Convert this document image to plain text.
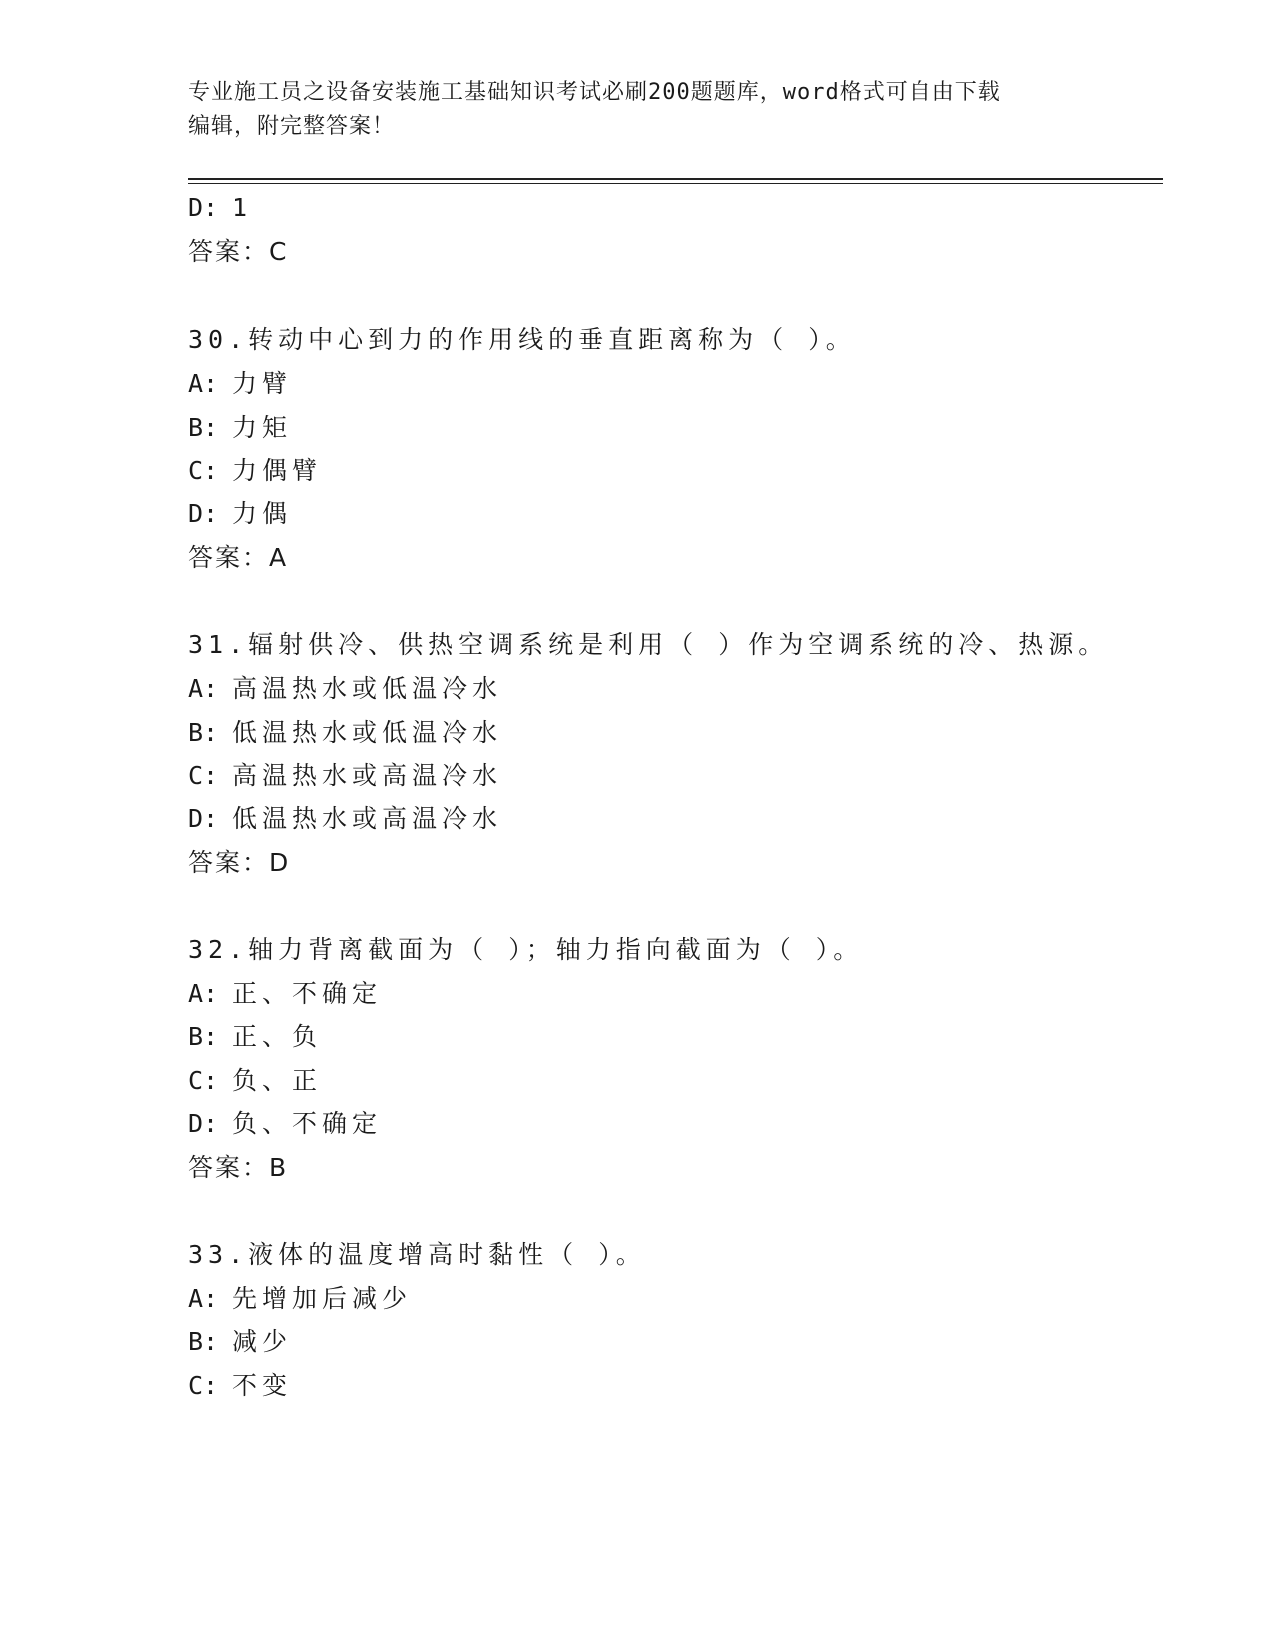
专业施工员之设备安装施工基础知识考试必刷200题题库，word格式可自由下载
编辑，附完整答案！
D: 1
答案：C
30.转动中心到力的作用线的垂直距离称为（ ）。
A: 力臂
B: 力矩
C: 力偶臂
D: 力偶
答案：A
31.辐射供冷、供热空调系统是利用（ ）作为空调系统的冷、热源。
A: 高温热水或低温冷水
B: 低温热水或低温冷水
C: 高温热水或高温冷水
D: 低温热水或高温冷水
答案：D
32.轴力背离截面为（ ）；轴力指向截面为（ ）。
A: 正、不确定
B: 正、负
C: 负、正
D: 负、不确定
答案：B
33.液体的温度增高时黏性（ ）。
A: 先增加后减少
B: 减少
C: 不变
